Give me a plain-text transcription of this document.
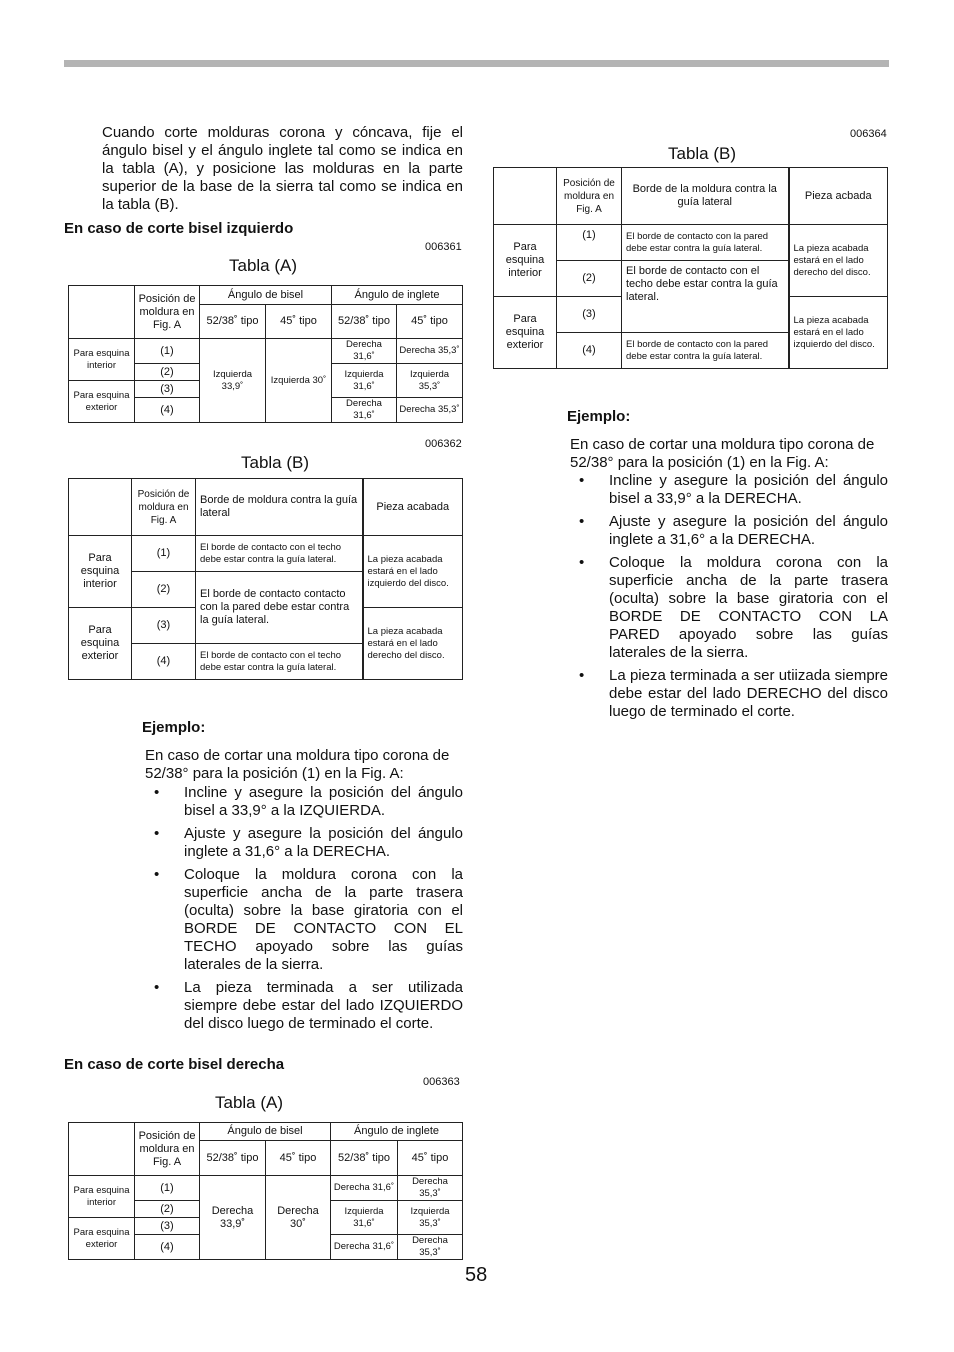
Cuando corte molduras corona y cóncava, fije el ángulo bisel y el ángulo inglete tal como se indica en la tabla (A), y posicione las molduras en la parte superior de la base de la sierra tal como se indica en la tabla (B).

En caso de corte bisel izquierdo
006361
Tabla (A)
	Posición de moldura en Fig. A	Ángulo de bisel		Ángulo de inglete	
		52/38˚ tipo	45˚ tipo	52/38˚ tipo	45˚ tipo
Para esquina interior	(1)	Izquierda 33,9˚	Izquierda 30˚	Derecha 31,6˚	Derecha 35,3˚
	(2)			Izquierda 31,6˚	Izquierda 35,3˚
Para esquina exterior	(3)				
	(4)			Derecha 31,6˚	Derecha 35,3˚
006362
Tabla (B)
	Posición de moldura en Fig. A	Borde de moldura contra la guía lateral	Pieza acabada
Para esquina interior	(1)	El borde de contacto con el techo debe estar contra la guía lateral.	La pieza acabada estará en el lado izquierdo del disco.
	(2)	El borde de contacto contacto con la pared debe estar contra la guía lateral.	
Para esquina exterior	(3)		La pieza acabada estará en el lado derecho del disco.
	(4)	El borde de contacto con el techo debe estar contra la guía lateral.	
Ejemplo:

En caso de cortar una moldura tipo corona de 52/38° para la posición (1) en la Fig. A:

• Incline y asegure la posición del ángulo bisel a 33,9° a la IZQUIERDA.
• Ajuste y asegure la posición del ángulo inglete a 31,6° a la DERECHA.
• Coloque la moldura corona con la superficie ancha de la parte trasera (oculta) sobre la base giratoria con el BORDE DE CONTACTO CON EL TECHO apoyado sobre las guías laterales de la sierra.
• La pieza terminada a ser utilizada siempre debe estar del lado IZQUIERDO del disco luego de terminado el corte.
En caso de corte bisel derecha
006363
Tabla (A)
	Posición de moldura en Fig. A	Ángulo de bisel		Ángulo de inglete	
		52/38˚ tipo	45˚ tipo	52/38˚ tipo	45˚ tipo
Para esquina interior	(1)	Derecha 33,9˚	Derecha 30˚	Derecha 31,6˚	Derecha 35,3˚
	(2)			Izquierda 31,6˚	Izquierda 35,3˚
Para esquina exterior	(3)				
	(4)			Derecha 31,6˚	Derecha 35,3˚
006364
Tabla (B)
	Posición de moldura en Fig. A	Borde de la moldura contra la guía lateral	Pieza acbada
Para esquina interior	(1)	El borde de contacto con la pared debe estar contra la guía lateral.	La pieza acabada estará en el lado derecho del disco.
	(2)	El borde de contacto con el techo debe estar contra la guía lateral.	
Para esquina exterior	(3)		La pieza acabada estará en el lado izquierdo del disco.
	(4)	El borde de contacto con la pared debe estar contra la guía lateral.	
Ejemplo:

En caso de cortar una moldura tipo corona de 52/38° para la posición (1) en la Fig. A:

• Incline y asegure la posición del ángulo bisel a 33,9° a la DERECHA.
• Ajuste y asegure la posición del ángulo inglete a 31,6° a la DERECHA.
• Coloque la moldura corona con la superficie ancha de la parte trasera (oculta) sobre la base giratoria con el BORDE DE CONTACTO CON LA PARED apoyado sobre las guías laterales de la sierra.
• La pieza terminada a ser utiizada siempre debe estar del lado DERECHO del disco luego de terminado el corte.
58
